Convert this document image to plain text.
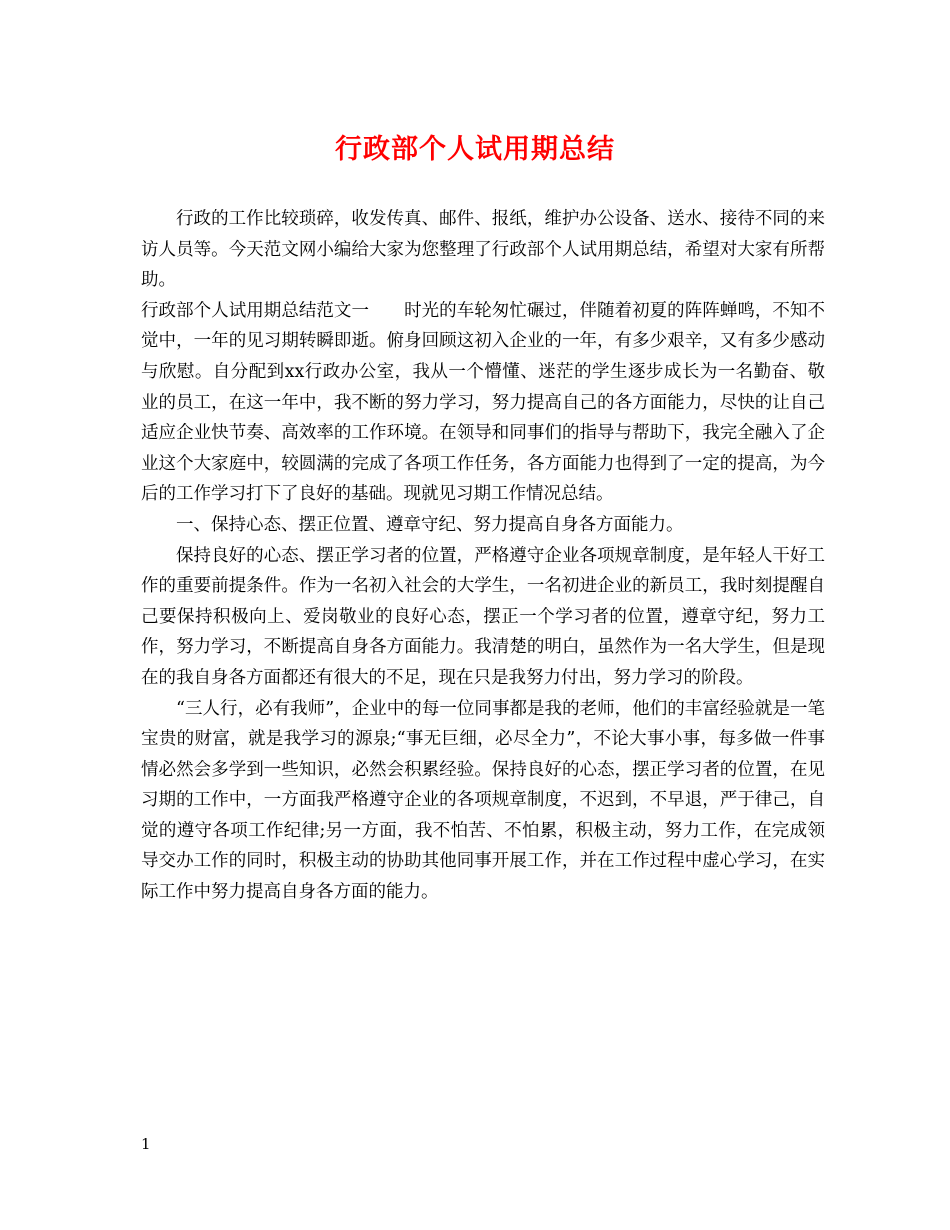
行政部个人试用期总结

行政的工作比较琐碎，收发传真、邮件、报纸，维护办公设备、送水、接待不同的来访人员等。今天范文网小编给大家为您整理了行政部个人试用期总结，希望对大家有所帮助。

行政部个人试用期总结范文一　　时光的车轮匆忙碾过，伴随着初夏的阵阵蝉鸣，不知不觉中，一年的见习期转瞬即逝。俯身回顾这初入企业的一年，有多少艰辛，又有多少感动与欣慰。自分配到xx行政办公室，我从一个懵懂、迷茫的学生逐步成长为一名勤奋、敬业的员工，在这一年中，我不断的努力学习，努力提高自己的各方面能力，尽快的让自己适应企业快节奏、高效率的工作环境。在领导和同事们的指导与帮助下，我完全融入了企业这个大家庭中，较圆满的完成了各项工作任务，各方面能力也得到了一定的提高，为今后的工作学习打下了良好的基础。现就见习期工作情况总结。

一、保持心态、摆正位置、遵章守纪、努力提高自身各方面能力。

保持良好的心态、摆正学习者的位置，严格遵守企业各项规章制度，是年轻人干好工作的重要前提条件。作为一名初入社会的大学生，一名初进企业的新员工，我时刻提醒自己要保持积极向上、爱岗敬业的良好心态，摆正一个学习者的位置，遵章守纪，努力工作，努力学习，不断提高自身各方面能力。我清楚的明白，虽然作为一名大学生，但是现在的我自身各方面都还有很大的不足，现在只是我努力付出，努力学习的阶段。

“三人行，必有我师”，企业中的每一位同事都是我的老师，他们的丰富经验就是一笔宝贵的财富，就是我学习的源泉;“事无巨细，必尽全力”，不论大事小事，每多做一件事情必然会多学到一些知识，必然会积累经验。保持良好的心态，摆正学习者的位置，在见习期的工作中，一方面我严格遵守企业的各项规章制度，不迟到，不早退，严于律己，自觉的遵守各项工作纪律;另一方面，我不怕苦、不怕累，积极主动，努力工作，在完成领导交办工作的同时，积极主动的协助其他同事开展工作，并在工作过程中虚心学习，在实际工作中努力提高自身各方面的能力。

1
